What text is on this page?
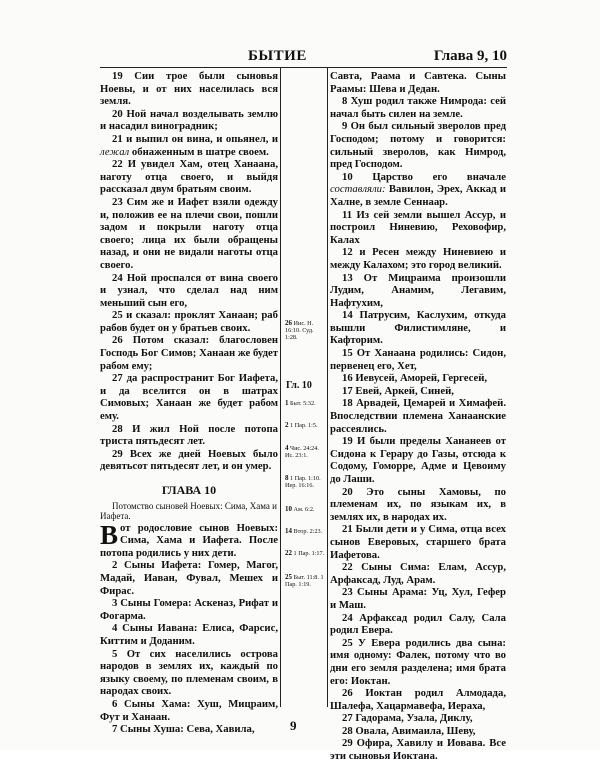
БЫТИЕ	Глава 9, 10

19 Сии трое были сыновья Ноевы, и от них населилась вся земля.

20 Ной начал возделывать землю и насадил виноградник;

21 и выпил он вина, и опьянел, и лежал обнаженным в шатре своем.

22 И увидел Хам, отец Ханаана, наготу отца своего, и выйдя рассказал двум братьям своим.

23 Сим же и Иафет взяли одежду и, положив ее на плечи свои, пошли задом и покрыли наготу отца своего; лица их были обращены назад, и они не видали наготы отца своего.

24 Ной проспался от вина своего и узнал, что сделал над ним меньший сын его,

25 и сказал: проклят Ханаан; раб рабов будет он у братьев своих.

26 Потом сказал: благословен Господь Бог Симов; Ханаан же будет рабом ему;

27 да распространит Бог Иафета, и да вселится он в шатрах Симовых; Ханаан же будет рабом ему.

28 И жил Ной после потопа триста пятьдесят лет.

29 Всех же дней Ноевых было девятьсот пятьдесят лет, и он умер.

ГЛАВА 10

Потомство сыновей Ноевых: Сима, Хама и Иафета.

Вот родословие сынов Ноевых: Сима, Хама и Иафета. После потопа родились у них дети.

2 Сыны Иафета: Гомер, Магог, Мадай, Иаван, Фувал, Мешех и Фирас.

3 Сыны Гомера: Аскеназ, Рифат и Фогарма.

4 Сыны Иавана: Елиса, Фарсис, Киттим и Доданим.

5 От сих населились острова народов в землях их, каждый по языку своему, по племенам своим, в народах своих.

6 Сыны Хама: Хуш, Мицраим, Фут и Ханаан.

7 Сыны Хуша: Сева, Хавила,

26 Иис. Н. 16:10. Суд. 1:28.
Гл. 10
1 Быт. 5:32.
2 1 Пар. 1:5.
4 Чис. 24:24. Ис. 23:1.
8 1 Пар. 1:10. Иер. 16:16.
10 Ам. 6:2.
14 Втор. 2:23.
22 1 Пар. 1:17.
25 Быт. 11:8. 1 Пар. 1:19.

Савта, Раама и Савтека. Сыны Раамы: Шева и Дедан.

8 Хуш родил также Нимрода: сей начал быть силен на земле.

9 Он был сильный зверолов пред Господом; потому и говорится: сильный зверолов, как Нимрод, пред Господом.

10 Царство его вначале составляли: Вавилон, Эрех, Аккад и Халне, в земле Сеннаар.

11 Из сей земли вышел Ассур, и построил Ниневию, Реховофир, Калах

12 и Ресен между Ниневиею и между Калахом; это город великий.

13 От Мицраима произошли Лудим, Анамим, Легавим, Нафтухим,

14 Патрусим, Каслухим, откуда вышли Филистимляне, и Кафторим.

15 От Ханаана родились: Сидон, первенец его, Хет,

16 Иевусей, Аморей, Гергесей,

17 Евей, Аркей, Синей,

18 Арвадей, Цемарей и Химафей. Впоследствии племена Ханаанские рассеялись.

19 И были пределы Хананеев от Сидона к Герару до Газы, отсюда к Содому, Гоморре, Адме и Цевоиму до Лаши.

20 Это сыны Хамовы, по племенам их, по языкам их, в землях их, в народах их.

21 Были дети и у Сима, отца всех сынов Еверовых, старшего брата Иафетова.

22 Сыны Сима: Елам, Ассур, Арфаксад, Луд, Арам.

23 Сыны Арама: Уц, Хул, Гефер и Маш.

24 Арфаксад родил Салу, Сала родил Евера.

25 У Евера родились два сына: имя одному: Фалек, потому что во дни его земля разделена; имя брата его: Иоктан.

26 Иоктан родил Алмодада, Шалефа, Хацармавефа, Иераха,

27 Гадорама, Узала, Диклу,

28 Овала, Авимаила, Шеву,

29 Офира, Хавилу и Иовава. Все эти сыновья Иоктана.

9
